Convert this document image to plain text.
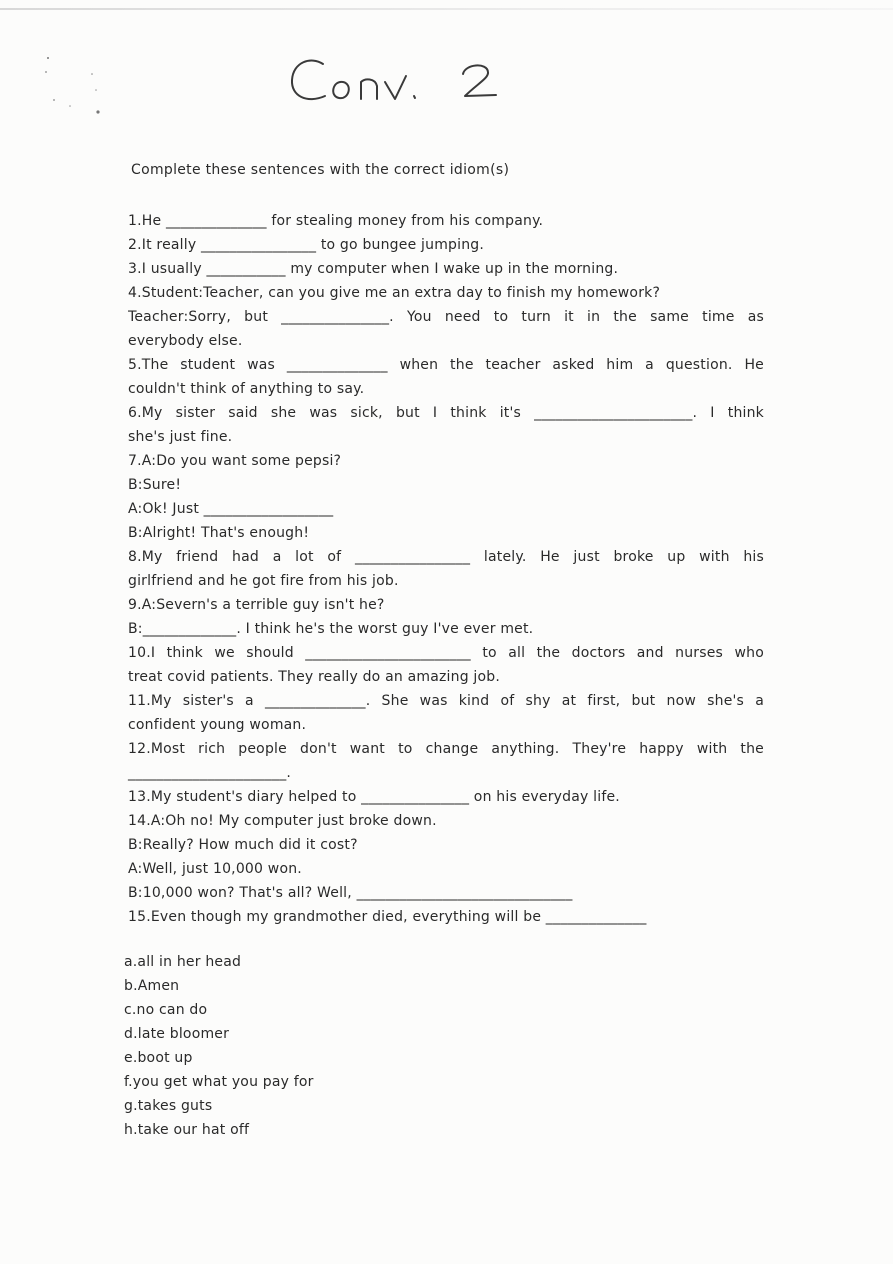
Complete these sentences with the correct idiom(s)
1.He ______________ for stealing money from his company.
2.It really ________________ to go bungee jumping.
3.I usually ___________ my computer when I wake up in the morning.
4.Student:Teacher, can you give me an extra day to finish my homework?
Teacher:Sorry, but _______________. You need to turn it in the same time as
everybody else.
5.The student was ______________ when the teacher asked him a question. He
couldn't think of anything to say.
6.My sister said she was sick, but I think it's ______________________. I think
she's just fine.
7.A:Do you want some pepsi?
B:Sure!
A:Ok! Just __________________
B:Alright! That's enough!
8.My friend had a lot of ________________ lately. He just broke up with his
girlfriend and he got fire from his job.
9.A:Severn's a terrible guy isn't he?
B:_____________. I think he's the worst guy I've ever met.
10.I think we should _______________________ to all the doctors and nurses who
treat covid patients. They really do an amazing job.
11.My sister's a ______________. She was kind of shy at first, but now she's a
confident young woman.
12.Most rich people don't want to change anything. They're happy with the
______________________.
13.My student's diary helped to _______________ on his everyday life.
14.A:Oh no! My computer just broke down.
B:Really? How much did it cost?
A:Well, just 10,000 won.
B:10,000 won? That's all? Well, ______________________________
15.Even though my grandmother died, everything will be ______________
a.all in her head
b.Amen
c.no can do
d.late bloomer
e.boot up
f.you get what you pay for
g.takes guts
h.take our hat off
